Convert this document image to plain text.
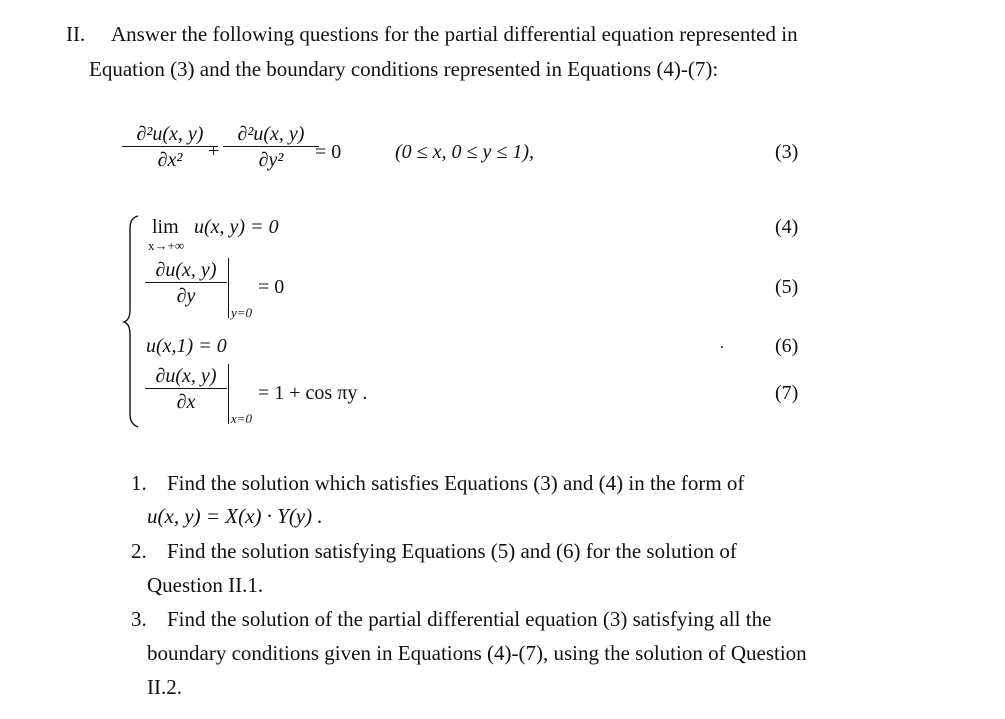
II. Answer the following questions for the partial differential equation represented in
Equation (3) and the boundary conditions represented in Equations (4)-(7):
∂²u(x, y)
∂x² +
∂²u(x, y)
∂y² = 0	(0 ≤ x, 0 ≤ y ≤ 1),	(3)
lim
x→+∞
u(x, y) = 0	(4)
∂u(x, y)
∂y
y=0
= 0	(5)
u(x,1) = 0	(6)
∂u(x, y)
∂x
x=0
= 1 + cos πy .	(7)
1. Find the solution which satisfies Equations (3) and (4) in the form of
u(x, y) = X(x) · Y(y) .
2. Find the solution satisfying Equations (5) and (6) for the solution of
Question II.1.
3. Find the solution of the partial differential equation (3) satisfying all the
boundary conditions given in Equations (4)-(7), using the solution of Question
II.2.
